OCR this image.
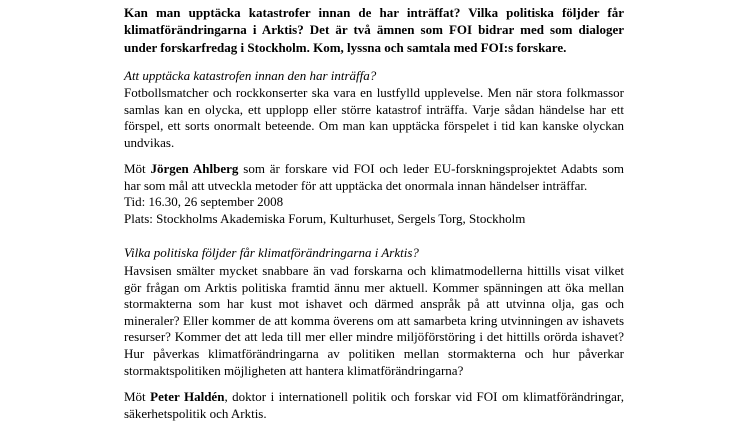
Kan man upptäcka katastrofer innan de har inträffat? Vilka politiska följder får klimatförändringarna i Arktis? Det är två ämnen som FOI bidrar med som dialoger under forskarfredag i Stockholm. Kom, lyssna och samtala med FOI:s forskare.

Att upptäcka katastrofen innan den har inträffa?

Fotbollsmatcher och rockkonserter ska vara en lustfylld upplevelse. Men när stora folkmassor samlas kan en olycka, ett upplopp eller större katastrof inträffa. Varje sådan händelse har ett förspel, ett sorts onormalt beteende. Om man kan upptäcka förspelet i tid kan kanske olyckan undvikas.

Möt Jörgen Ahlberg som är forskare vid FOI och leder EU-forskningsprojektet Adabts som har som mål att utveckla metoder för att upptäcka det onormala innan händelser inträffar.

Tid: 16.30, 26 september 2008

Plats: Stockholms Akademiska Forum, Kulturhuset, Sergels Torg, Stockholm

Vilka politiska följder får klimatförändringarna i Arktis?

Havsisen smälter mycket snabbare än vad forskarna och klimatmodellerna hittills visat vilket gör frågan om Arktis politiska framtid ännu mer aktuell. Kommer spänningen att öka mellan stormakterna som har kust mot ishavet och därmed anspråk på att utvinna olja, gas och mineraler? Eller kommer de att komma överens om att samarbeta kring utvinningen av ishavets resurser? Kommer det att leda till mer eller mindre miljöförstöring i det hittills orörda ishavet? Hur påverkas klimatförändringarna av politiken mellan stormakterna och hur påverkar stormaktspolitiken möjligheten att hantera klimatförändringarna?

Möt Peter Haldén, doktor i internationell politik och forskar vid FOI om klimatförändringar, säkerhetspolitik och Arktis.
